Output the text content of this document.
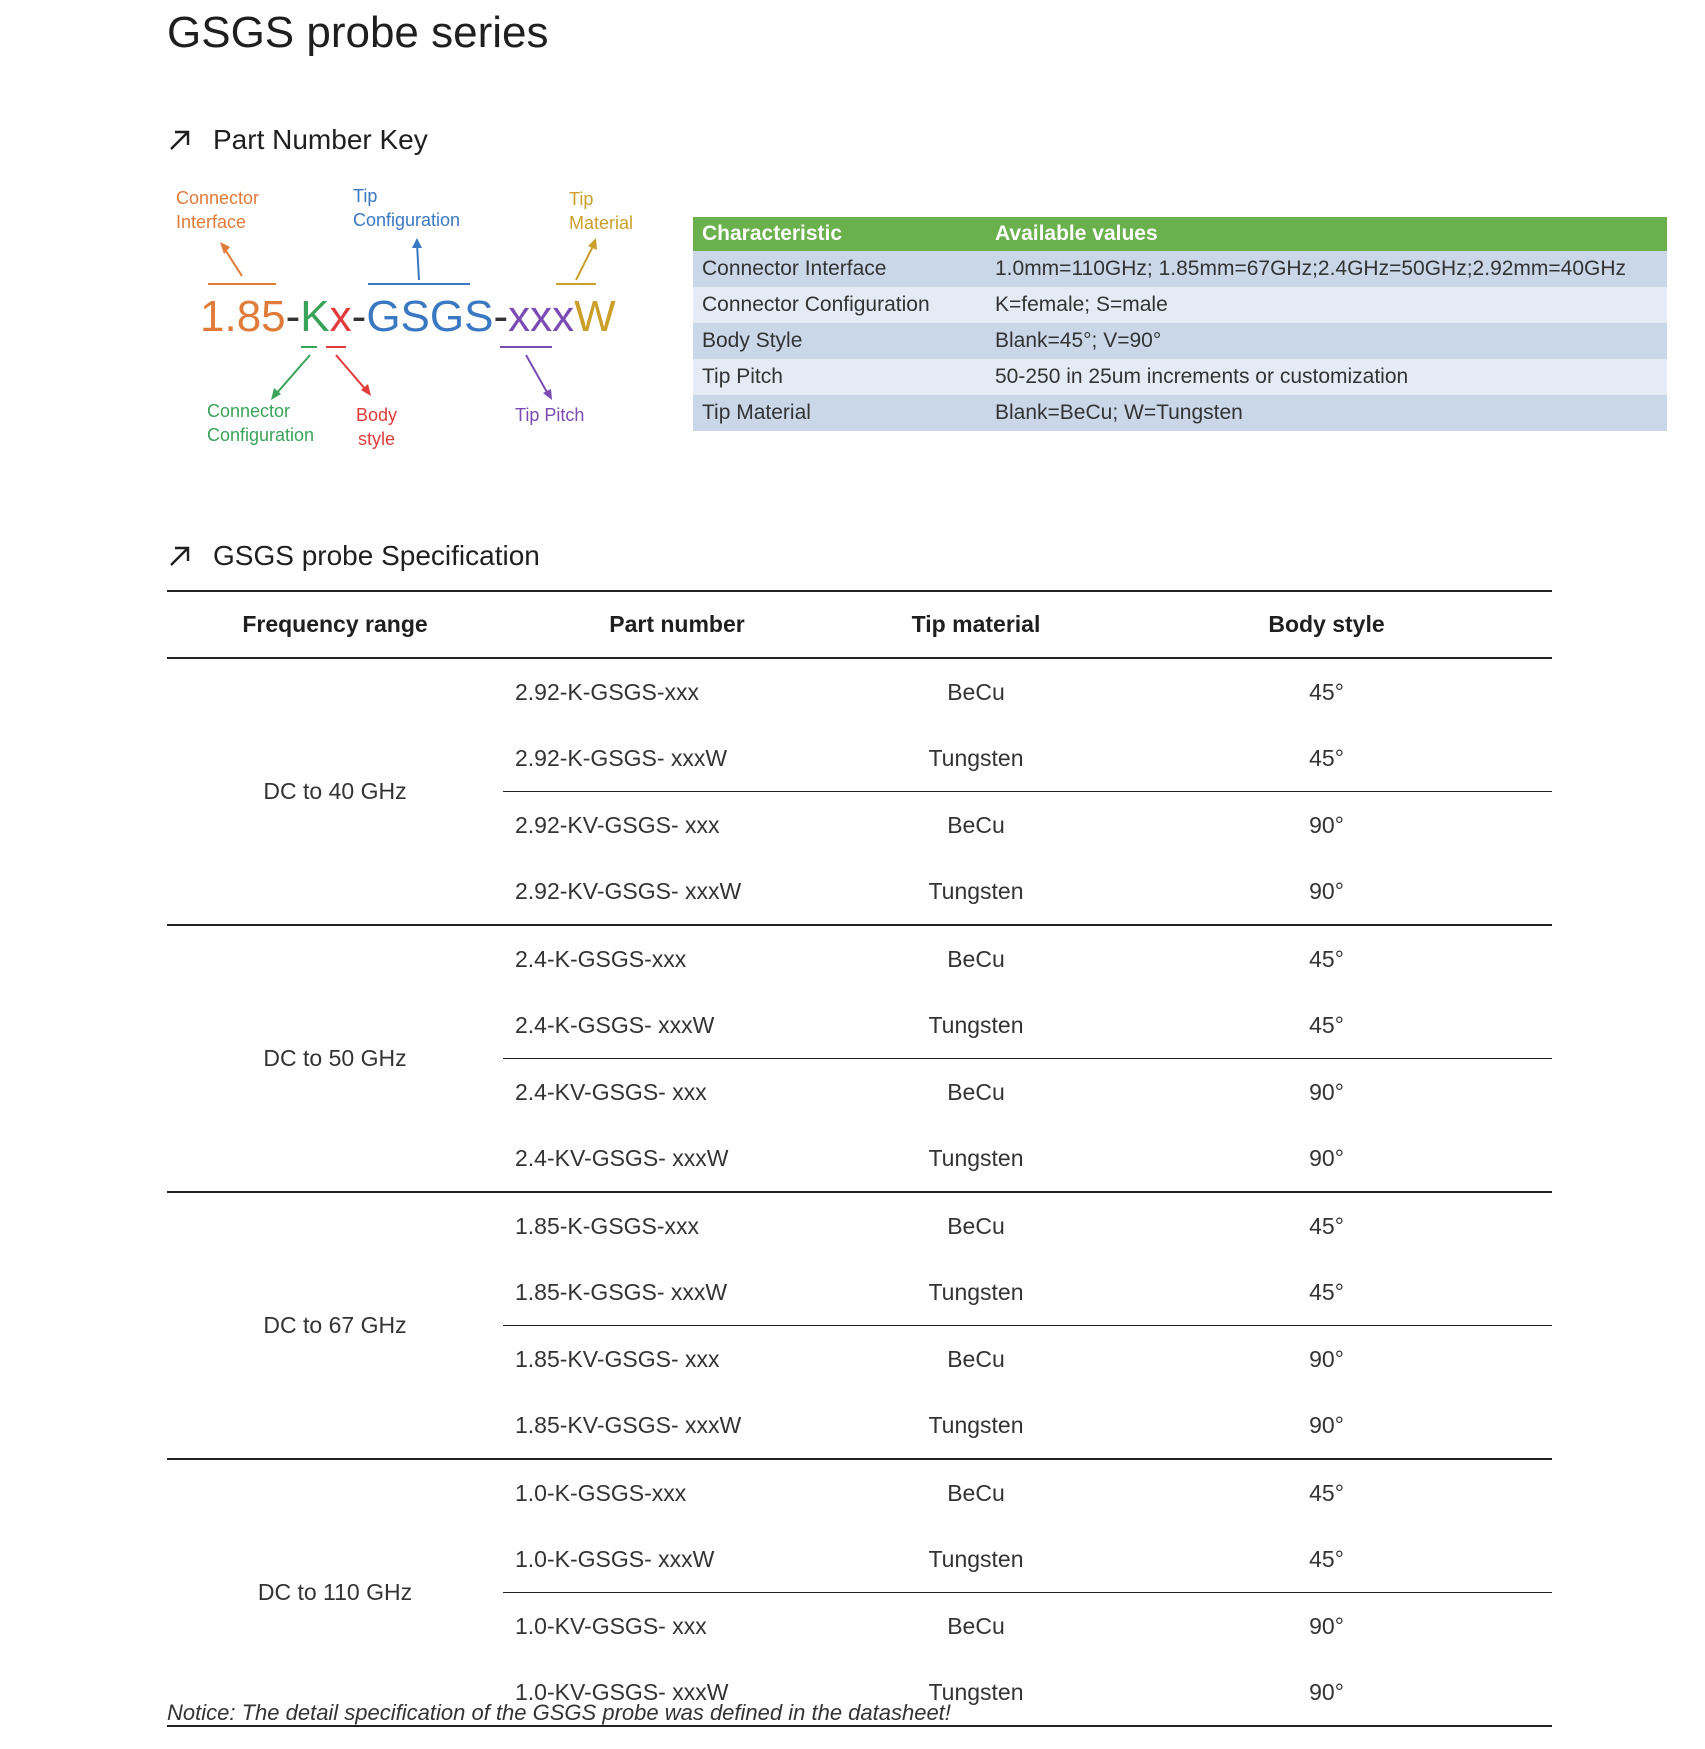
GSGS probe series
Part Number Key
Connector
Interface
Tip
Configuration
Tip
Material
Connector
Configuration
Body
style
Tip Pitch
1.85-Kx-GSGS-xxxW
Characteristic	Available values
Connector Interface	1.0mm=110GHz; 1.85mm=67GHz;2.4GHz=50GHz;2.92mm=40GHz
Connector Configuration	K=female; S=male
Body Style	Blank=45°; V=90°
Tip Pitch	50-250 in 25um increments or customization
Tip Material	Blank=BeCu; W=Tungsten
GSGS probe Specification
Frequency range	Part number	Tip material	Body style
DC to 40 GHz	2.92-K-GSGS-xxx	BeCu	45°
	2.92-K-GSGS- xxxW	Tungsten	45°
	2.92-KV-GSGS- xxx	BeCu	90°
	2.92-KV-GSGS- xxxW	Tungsten	90°
DC to 50 GHz	2.4-K-GSGS-xxx	BeCu	45°
	2.4-K-GSGS- xxxW	Tungsten	45°
	2.4-KV-GSGS- xxx	BeCu	90°
	2.4-KV-GSGS- xxxW	Tungsten	90°
DC to 67 GHz	1.85-K-GSGS-xxx	BeCu	45°
	1.85-K-GSGS- xxxW	Tungsten	45°
	1.85-KV-GSGS- xxx	BeCu	90°
	1.85-KV-GSGS- xxxW	Tungsten	90°
DC to 110 GHz	1.0-K-GSGS-xxx	BeCu	45°
	1.0-K-GSGS- xxxW	Tungsten	45°
	1.0-KV-GSGS- xxx	BeCu	90°
	1.0-KV-GSGS- xxxW	Tungsten	90°
Notice: The detail specification of the GSGS probe was defined in the datasheet!
